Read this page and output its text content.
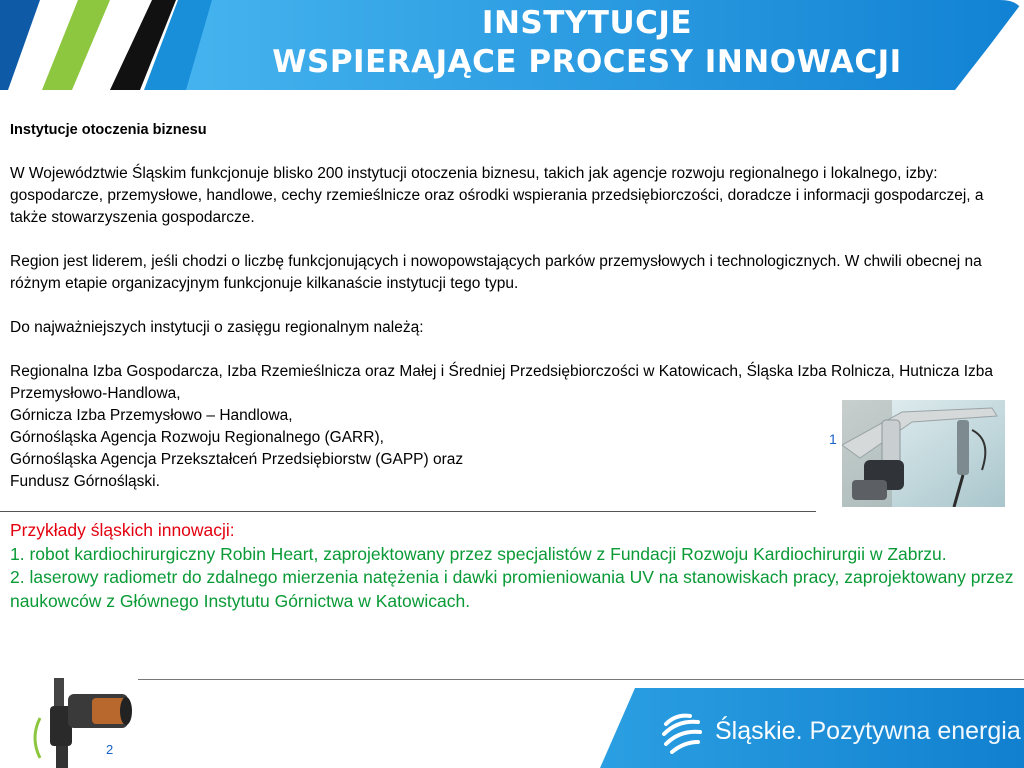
INSTYTUCJE
WSPIERAJĄCE PROCESY INNOWACJI

Instytucje otoczenia biznesu

W Województwie Śląskim funkcjonuje blisko 200 instytucji otoczenia biznesu, takich jak agencje rozwoju regionalnego i lokalnego, izby: gospodarcze, przemysłowe, handlowe, cechy rzemieślnicze oraz ośrodki wspierania przedsiębiorczości, doradcze i informacji gospodarczej, a także stowarzyszenia gospodarcze.

Region jest liderem, jeśli chodzi o liczbę funkcjonujących i nowopowstających parków przemysłowych i technologicznych. W chwili obecnej na różnym etapie organizacyjnym funkcjonuje kilkanaście instytucji tego typu.

Do najważniejszych instytucji o zasięgu regionalnym należą:

Regionalna Izba Gospodarcza, Izba Rzemieślnicza oraz Małej i Średniej Przedsiębiorczości w Katowicach, Śląska Izba Rolnicza, Hutnicza Izba Przemysłowo-Handlowa,

Górnicza Izba Przemysłowo – Handlowa,

Górnośląska Agencja Rozwoju Regionalnego (GARR),

Górnośląska Agencja Przekształceń Przedsiębiorstw (GAPP) oraz

Fundusz Górnośląski.

1

Przykłady śląskich innowacji:

1. robot kardiochirurgiczny Robin Heart, zaprojektowany przez specjalistów z Fundacji Rozwoju Kardiochirurgii w Zabrzu.

2. laserowy radiometr do zdalnego mierzenia natężenia i dawki promieniowania UV na stanowiskach pracy, zaprojektowany przez naukowców z Głównego Instytutu Górnictwa w Katowicach.

2
Śląskie. Pozytywna energia
